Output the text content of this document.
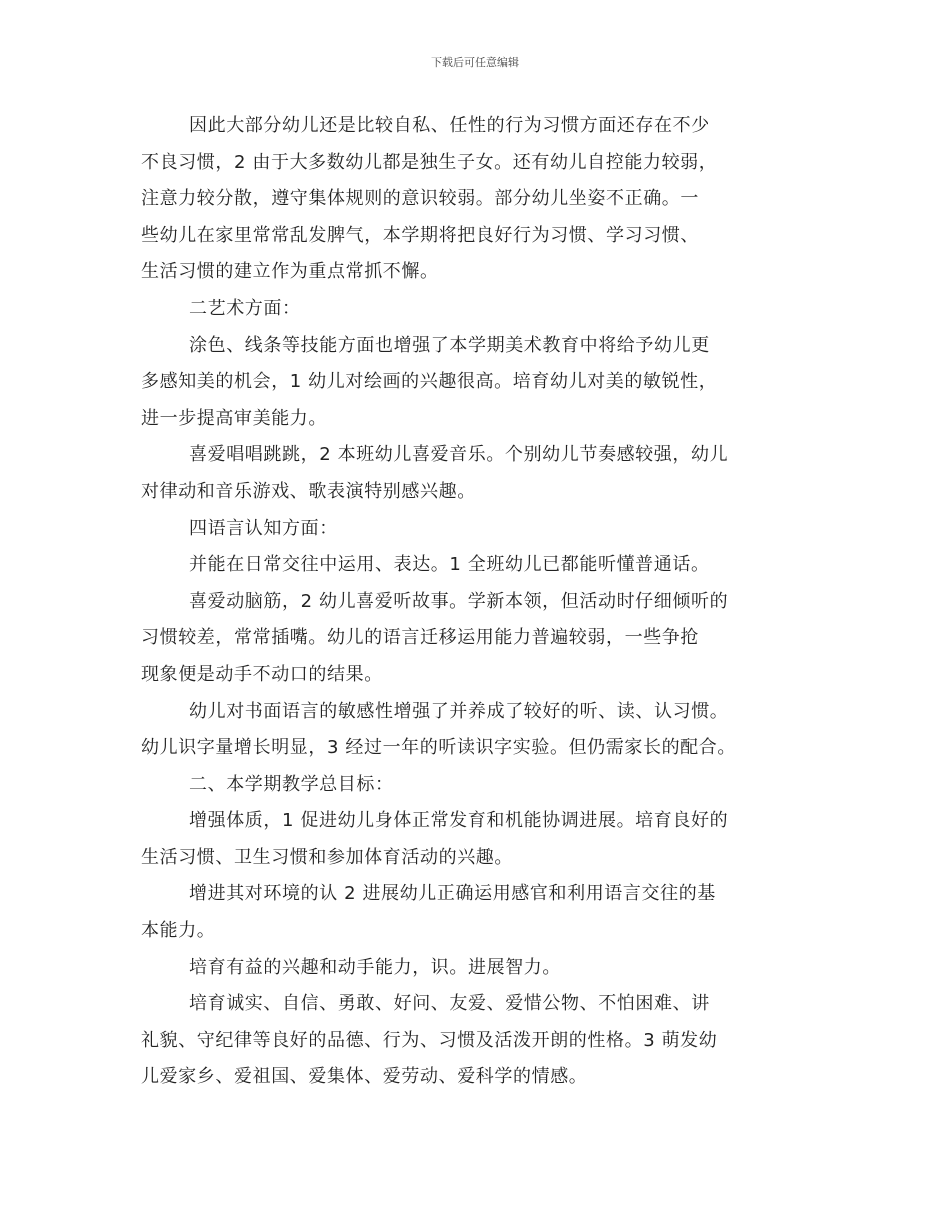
下载后可任意编辑
因此大部分幼儿还是比较自私、任性的行为习惯方面还存在不少
不良习惯，2 由于大多数幼儿都是独生子女。还有幼儿自控能力较弱，
注意力较分散，遵守集体规则的意识较弱。部分幼儿坐姿不正确。一
些幼儿在家里常常乱发脾气，本学期将把良好行为习惯、学习习惯、
生活习惯的建立作为重点常抓不懈。
二艺术方面：
涂色、线条等技能方面也增强了本学期美术教育中将给予幼儿更
多感知美的机会，1 幼儿对绘画的兴趣很高。培育幼儿对美的敏锐性，
进一步提高审美能力。
喜爱唱唱跳跳，2 本班幼儿喜爱音乐。个别幼儿节奏感较强，幼儿
对律动和音乐游戏、歌表演特别感兴趣。
四语言认知方面：
并能在日常交往中运用、表达。1 全班幼儿已都能听懂普通话。
喜爱动脑筋，2 幼儿喜爱听故事。学新本领，但活动时仔细倾听的
习惯较差，常常插嘴。幼儿的语言迁移运用能力普遍较弱，一些争抢
现象便是动手不动口的结果。
幼儿对书面语言的敏感性增强了并养成了较好的听、读、认习惯。
幼儿识字量增长明显，3 经过一年的听读识字实验。但仍需家长的配合。
二、本学期教学总目标：
增强体质，1 促进幼儿身体正常发育和机能协调进展。培育良好的
生活习惯、卫生习惯和参加体育活动的兴趣。
增进其对环境的认 2 进展幼儿正确运用感官和利用语言交往的基
本能力。
培育有益的兴趣和动手能力，识。进展智力。
培育诚实、自信、勇敢、好问、友爱、爱惜公物、不怕困难、讲
礼貌、守纪律等良好的品德、行为、习惯及活泼开朗的性格。3 萌发幼
儿爱家乡、爱祖国、爱集体、爱劳动、爱科学的情感。
